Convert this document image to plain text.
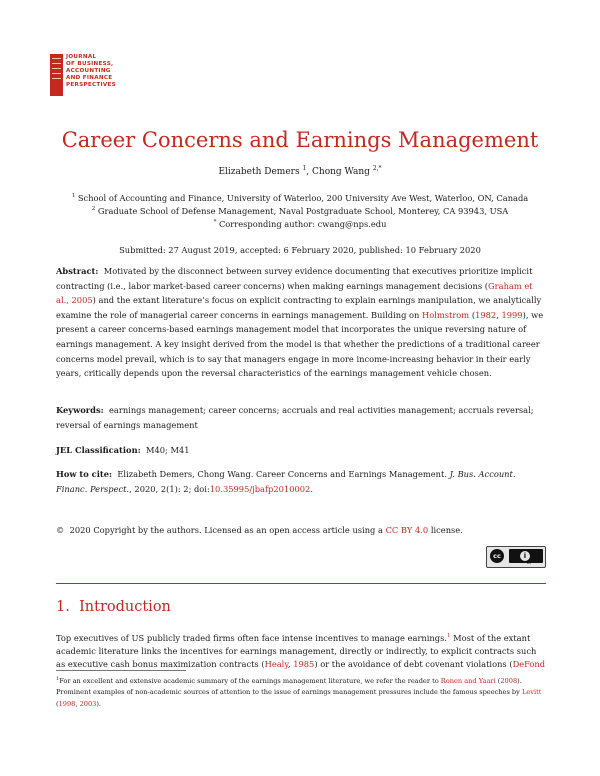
JOURNAL
OF BUSINESS,
ACCOUNTING
AND FINANCE
PERSPECTIVES
Career Concerns and Earnings Management
Elizabeth Demers $^1$, Chong Wang $^{2,*}$
$^1$ School of Accounting and Finance, University of Waterloo, 200 University Ave West, Waterloo, ON, Canada
$^2$ Graduate School of Defense Management, Naval Postgraduate School, Monterey, CA 93943, USA
* Corresponding author: cwang@nps.edu
Submitted: 27 August 2019, accepted: 6 February 2020, published: 10 February 2020
Abstract: Motivated by the disconnect between survey evidence documenting that executives prioritize implicit contracting (i.e., labor market-based career concerns) when making earnings management decisions (Graham et al., 2005) and the extant literature’s focus on explicit contracting to explain earnings manipulation, we analytically examine the role of managerial career concerns in earnings management. Building on Holmstrom (1982, 1999), we present a career concerns-based earnings management model that incorporates the unique reversing nature of earnings management. A key insight derived from the model is that whether the predictions of a traditional career concerns model prevail, which is to say that managers engage in more income-increasing behavior in their early years, critically depends upon the reversal characteristics of the earnings management vehicle chosen.
Keywords: earnings management; career concerns; accruals and real activities management; accruals reversal; reversal of earnings management
JEL Classification: M40; M41
How to cite: Elizabeth Demers, Chong Wang. Career Concerns and Earnings Management. J. Bus. Account. Financ. Perspect., 2020, 2(1): 2; doi:10.35995/jbafp2010002.
© 2020 Copyright by the authors. Licensed as an open access article using a CC BY 4.0 license.
cc	i
BY
1. Introduction
Top executives of US publicly traded firms often face intense incentives to manage earnings.$^1$ Most of the extant academic literature links the incentives for earnings management, directly or indirectly, to explicit contracts such as executive cash bonus maximization contracts (Healy, 1985) or the avoidance of debt covenant violations (DeFond
$^1$For an excellent and extensive academic summary of the earnings management literature, we refer the reader to Ronen and Yaari (2008). Prominent examples of non-academic sources of attention to the issue of earnings management pressures include the famous speeches by Levitt (1998, 2003).
